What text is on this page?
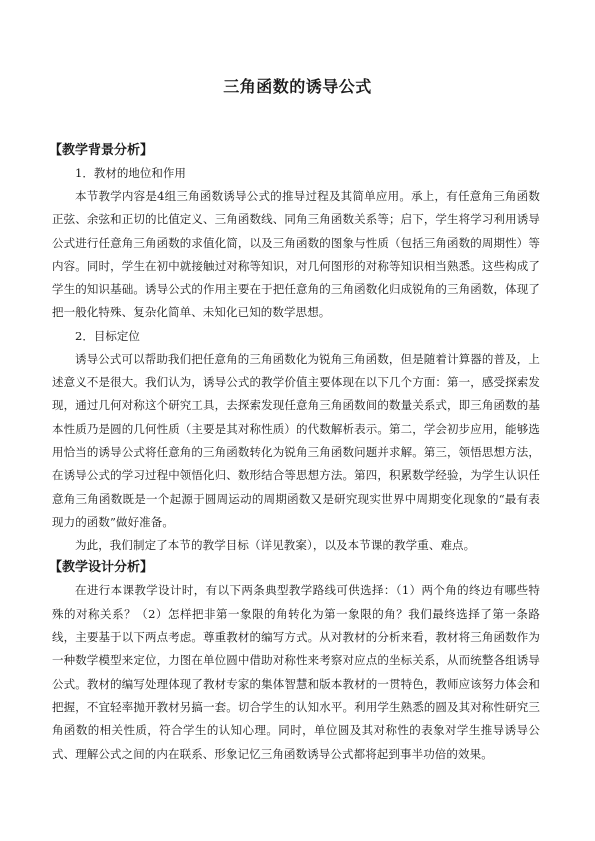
三角函数的诱导公式
【教学背景分析】
1．教材的地位和作用
本节教学内容是4组三角函数诱导公式的推导过程及其简单应用。承上，有任意角三角函数正弦、余弦和正切的比值定义、三角函数线、同角三角函数关系等；启下，学生将学习利用诱导公式进行任意角三角函数的求值化简，以及三角函数的图象与性质（包括三角函数的周期性）等内容。同时，学生在初中就接触过对称等知识，对几何图形的对称等知识相当熟悉。这些构成了学生的知识基础。诱导公式的作用主要在于把任意角的三角函数化归成锐角的三角函数，体现了把一般化特殊、复杂化简单、未知化已知的数学思想。
2．目标定位
诱导公式可以帮助我们把任意角的三角函数化为锐角三角函数，但是随着计算器的普及，上述意义不是很大。我们认为，诱导公式的教学价值主要体现在以下几个方面：第一，感受探索发现，通过几何对称这个研究工具，去探索发现任意角三角函数间的数量关系式，即三角函数的基本性质乃是圆的几何性质（主要是其对称性质）的代数解析表示。第二，学会初步应用，能够选用恰当的诱导公式将任意角的三角函数转化为锐角三角函数问题并求解。第三，领悟思想方法，在诱导公式的学习过程中领悟化归、数形结合等思想方法。第四，积累数学经验，为学生认识任意角三角函数既是一个起源于圆周运动的周期函数又是研究现实世界中周期变化现象的“最有表现力的函数”做好准备。
为此，我们制定了本节的教学目标（详见教案），以及本节课的教学重、难点。
【教学设计分析】
在进行本课教学设计时，有以下两条典型教学路线可供选择：（1）两个角的终边有哪些特殊的对称关系？（2）怎样把非第一象限的角转化为第一象限的角？我们最终选择了第一条路线，主要基于以下两点考虑。尊重教材的编写方式。从对教材的分析来看，教材将三角函数作为一种数学模型来定位，力图在单位圆中借助对称性来考察对应点的坐标关系，从而统整各组诱导公式。教材的编写处理体现了教材专家的集体智慧和版本教材的一贯特色，教师应该努力体会和把握，不宜轻率抛开教材另搞一套。切合学生的认知水平。利用学生熟悉的圆及其对称性研究三角函数的相关性质，符合学生的认知心理。同时，单位圆及其对称性的表象对学生推导诱导公式、理解公式之间的内在联系、形象记忆三角函数诱导公式都将起到事半功倍的效果。
